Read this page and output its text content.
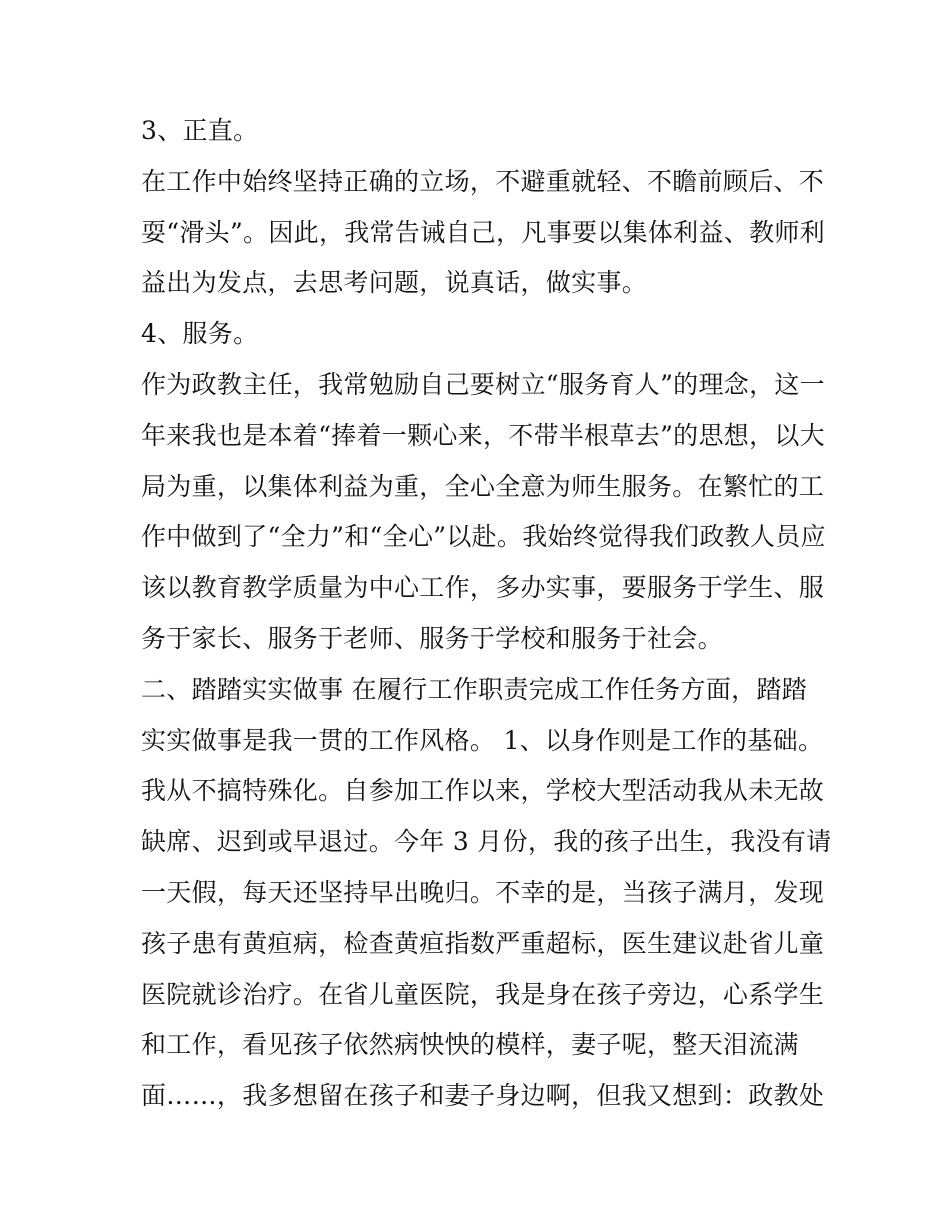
3、正直。
在工作中始终坚持正确的立场，不避重就轻、不瞻前顾后、不
耍“滑头”。因此，我常告诫自己，凡事要以集体利益、教师利
益出为发点，去思考问题，说真话，做实事。
4、服务。
作为政教主任，我常勉励自己要树立“服务育人”的理念，这一
年来我也是本着“捧着一颗心来，不带半根草去”的思想，以大
局为重，以集体利益为重，全心全意为师生服务。在繁忙的工
作中做到了“全力”和“全心”以赴。我始终觉得我们政教人员应
该以教育教学质量为中心工作，多办实事，要服务于学生、服
务于家长、服务于老师、服务于学校和服务于社会。
二、踏踏实实做事 在履行工作职责完成工作任务方面，踏踏
实实做事是我一贯的工作风格。 1、以身作则是工作的基础。
我从不搞特殊化。自参加工作以来，学校大型活动我从未无故
缺席、迟到或早退过。今年 3 月份，我的孩子出生，我没有请
一天假，每天还坚持早出晚归。不幸的是，当孩子满月，发现
孩子患有黄疸病，检查黄疸指数严重超标，医生建议赴省儿童
医院就诊治疗。在省儿童医院，我是身在孩子旁边，心系学生
和工作，看见孩子依然病怏怏的模样，妻子呢，整天泪流满
面……，我多想留在孩子和妻子身边啊，但我又想到：政教处
